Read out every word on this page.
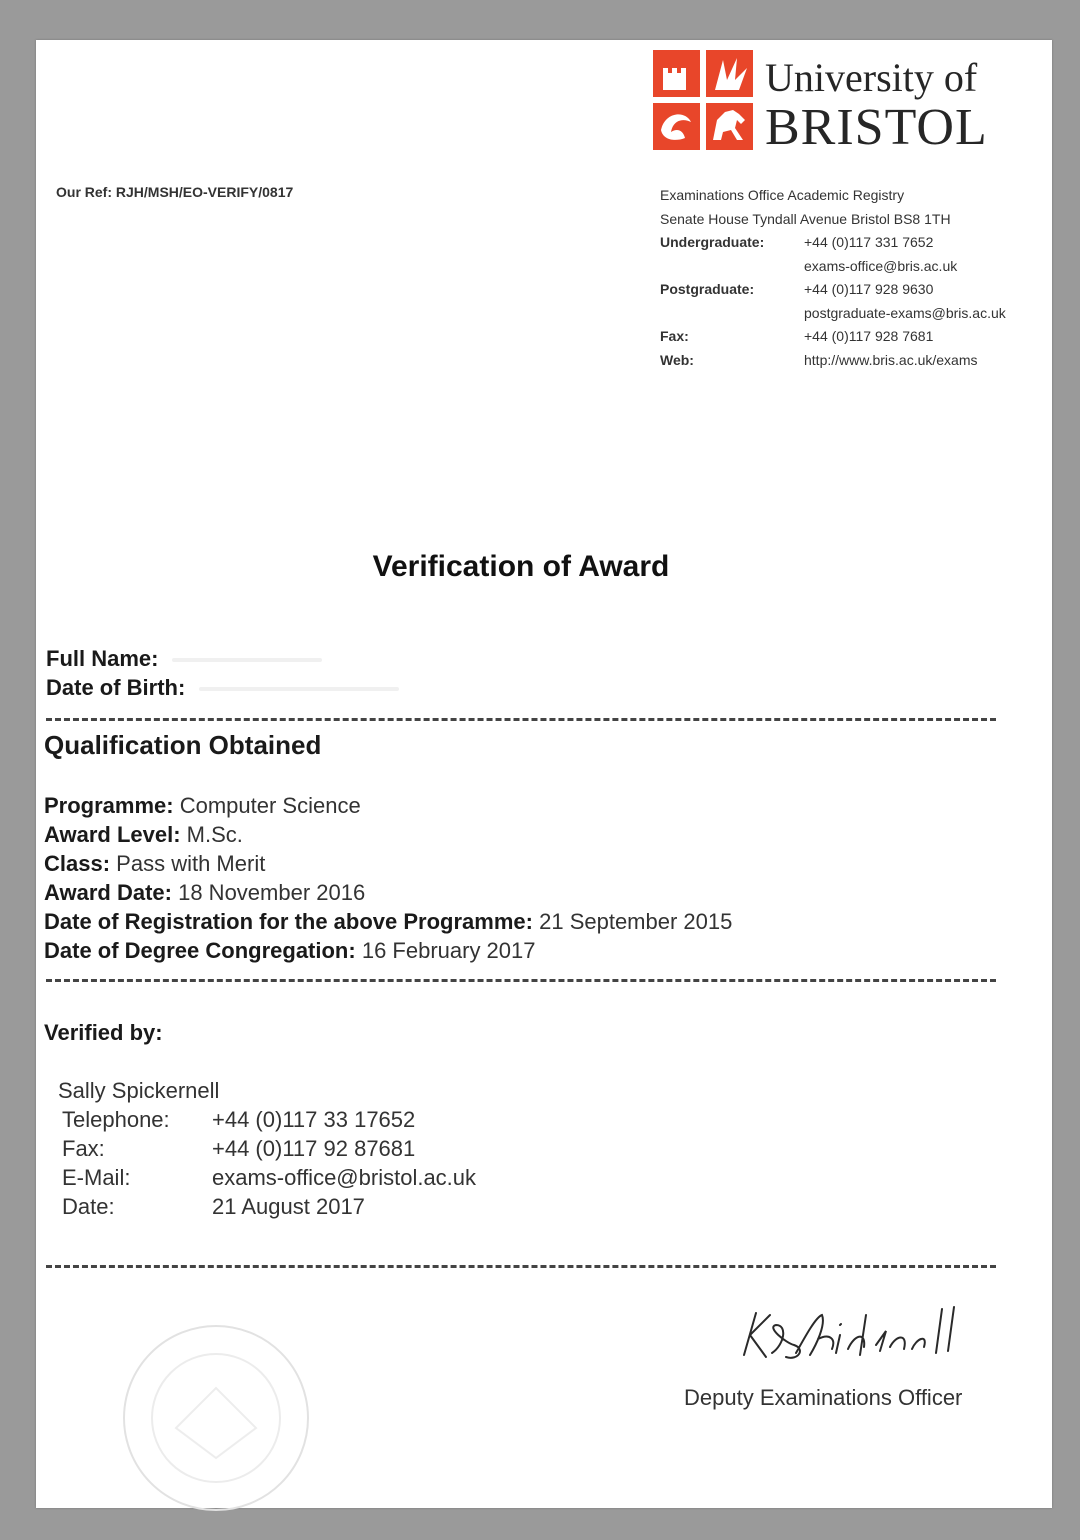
University of
BRISTOL
Our Ref: RJH/MSH/EO-VERIFY/0817	Examinations Office Academic Registry
Senate House Tyndall Avenue Bristol BS8 1TH
Undergraduate:	+44 (0)117 331 7652
exams-office@bris.ac.uk
Postgraduate:	+44 (0)117 928 9630
postgraduate-exams@bris.ac.uk
Fax:	+44 (0)117 928 7681
Web:	http://www.bris.ac.uk/exams
Verification of Award
Full Name:
Date of Birth:
Qualification Obtained
Programme: Computer Science
Award Level: M.Sc.
Class: Pass with Merit
Award Date: 18 November 2016
Date of Registration for the above Programme: 21 September 2015
Date of Degree Congregation: 16 February 2017
Verified by:
Sally Spickernell
Telephone:	+44 (0)117 33 17652
Fax:	+44 (0)117 92 87681
E-Mail:	exams-office@bristol.ac.uk
Date:	21 August 2017
Deputy Examinations Officer
